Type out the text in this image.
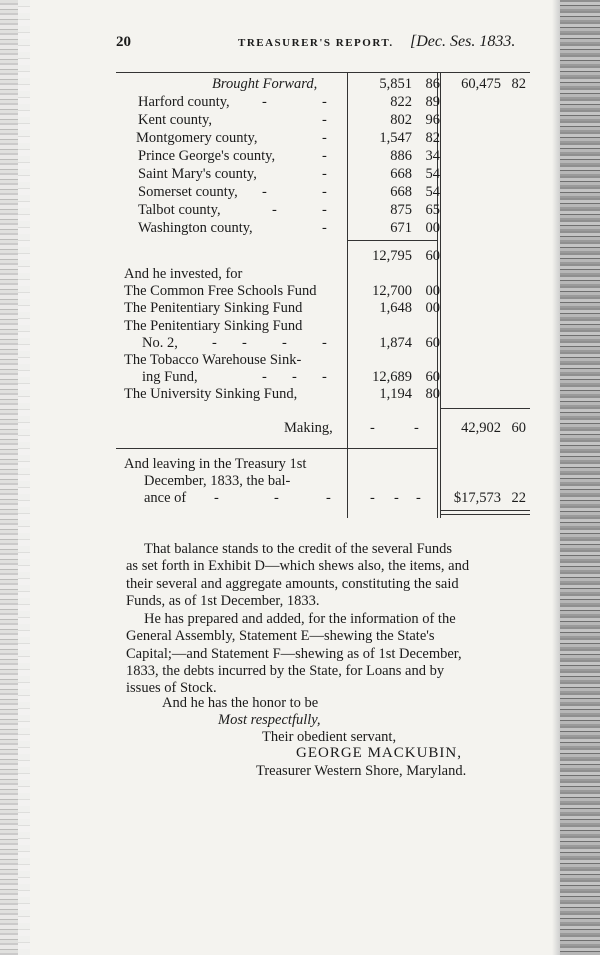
20	TREASURER'S REPORT. [Dec. Ses. 1833.
Brought Forward,	5,851 86	60,475 82
Harford county, -	-	822 89
Kent county,	-	802 96
Montgomery county,	-	1,547 82
Prince George's county,	-	886 34
Saint Mary's county,	-	668 54
Somerset county, -	-	668 54
Talbot county,	-	-	875 65
Washington county,	-	671 00
12,795 60
And he invested, for
The Common Free Schools Fund	12,700 00
The Penitentiary Sinking Fund	1,648 00
The Penitentiary Sinking Fund
No. 2, - - - -	1,874 60
The Tobacco Warehouse Sink-
ing Fund,	- - -	12,689 60
The University Sinking Fund,	1,194 80
Making,	-	-	42,902 60
And leaving in the Treasury 1st
December, 1833, the bal-
ance of -	-	-	- - -	$17,573 22
That balance stands to the credit of the several Funds
as set forth in Exhibit D—which shews also, the items, and
their several and aggregate amounts, constituting the said
Funds, as of 1st December, 1833.
He has prepared and added, for the information of the
General Assembly, Statement E—shewing the State's
Capital;—and Statement F—shewing as of 1st December,
1833, the debts incurred by the State, for Loans and by
issues of Stock.
And he has the honor to be
Most respectfully,
Their obedient servant,
GEORGE MACKUBIN,
Treasurer Western Shore, Maryland.
